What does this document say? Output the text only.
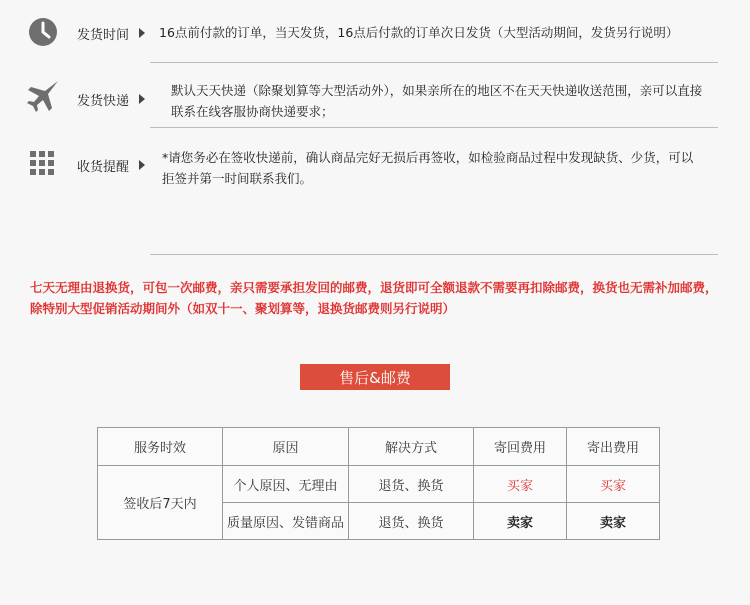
发货时间 16点前付款的订单，当天发货，16点后付款的订单次日发货（大型活动期间，发货另行说明）
发货快递
默认天天快递（除聚划算等大型活动外），如果亲所在的地区不在天天快递收送范围，亲可以直接
联系在线客服协商快递要求；
收货提醒
*请您务必在签收快递前，确认商品完好无损后再签收，如检验商品过程中发现缺货、少货，可以
拒签并第一时间联系我们。
七天无理由退换货，可包一次邮费，亲只需要承担发回的邮费，退货即可全额退款不需要再扣除邮费，换货也无需补加邮费，
除特别大型促销活动期间外（如双十一、聚划算等，退换货邮费则另行说明）
售后&邮费
服务时效	原因	解决方式	寄回费用	寄出费用
签收后7天内	个人原因、无理由	退货、换货	买家	买家
	质量原因、发错商品	退货、换货	卖家	卖家
